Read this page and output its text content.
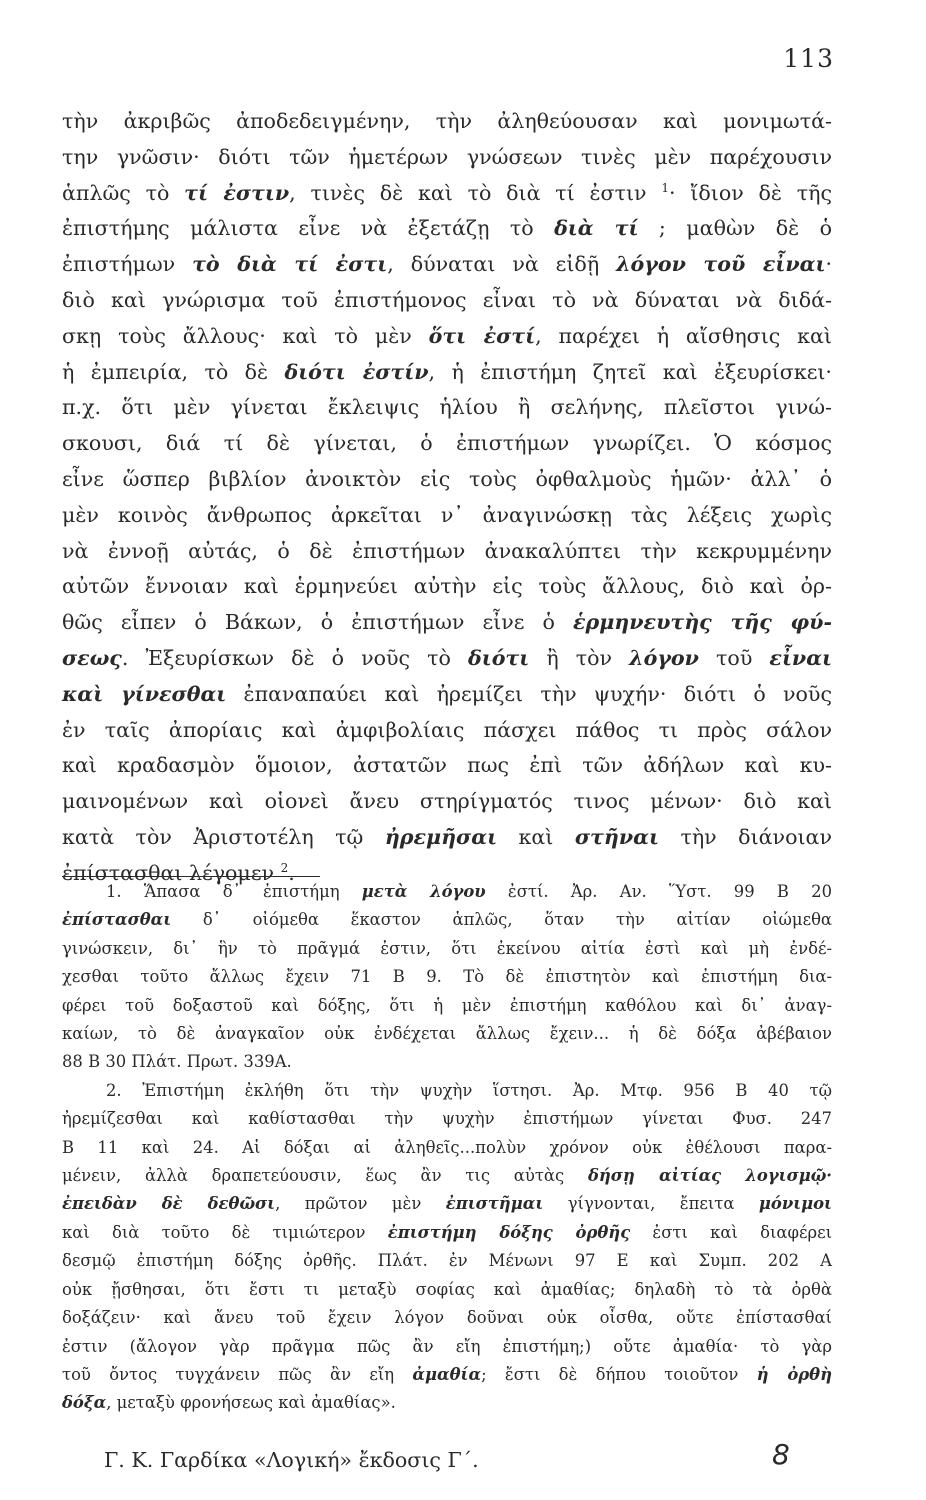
113
τὴν ἀκριβῶς ἀποδεδειγμένην, τὴν ἀληθεύουσαν καὶ μονιμωτά-
την γνῶσιν· διότι τῶν ἡμετέρων γνώσεων τινὲς μὲν παρέχουσιν
ἁπλῶς τὸ τί ἐστιν, τινὲς δὲ καὶ τὸ διὰ τί ἐστιν $^1$· ἴδιον δὲ τῆς
ἐπιστήμης μάλιστα εἶνε νὰ ἐξετάζῃ τὸ διὰ τί ; μαθὼν δὲ ὁ
ἐπιστήμων τὸ διὰ τί ἐστι, δύναται νὰ εἰδῇ λόγον τοῦ εἶναι·
διὸ καὶ γνώρισμα τοῦ ἐπιστήμονος εἶναι τὸ νὰ δύναται νὰ διδά-
σκῃ τοὺς ἄλλους· καὶ τὸ μὲν ὅτι ἐστί, παρέχει ἡ αἴσθησις καὶ
ἡ ἐμπειρία, τὸ δὲ διότι ἐστίν, ἡ ἐπιστήμη ζητεῖ καὶ ἐξευρίσκει·
π.χ. ὅτι μὲν γίνεται ἔκλειψις ἡλίου ἢ σελήνης, πλεῖστοι γινώ-
σκουσι, διά τί δὲ γίνεται, ὁ ἐπιστήμων γνωρίζει. Ὁ κόσμος
εἶνε ὥσπερ βιβλίον ἀνοικτὸν εἰς τοὺς ὀφθαλμοὺς ἡμῶν· ἀλλ᾽ ὁ
μὲν κοινὸς ἄνθρωπος ἀρκεῖται ν᾽ ἀναγινώσκῃ τὰς λέξεις χωρὶς
νὰ ἐννοῇ αὐτάς, ὁ δὲ ἐπιστήμων ἀνακαλύπτει τὴν κεκρυμμένην
αὐτῶν ἔννοιαν καὶ ἑρμηνεύει αὐτὴν εἰς τοὺς ἄλλους, διὸ καὶ ὀρ-
θῶς εἶπεν ὁ Βάκων, ὁ ἐπιστήμων εἶνε ὁ ἑρμηνευτὴς τῆς φύ-
σεως. Ἐξευρίσκων δὲ ὁ νοῦς τὸ διότι ἢ τὸν λόγον τοῦ εἶναι
καὶ γίνεσθαι ἐπαναπαύει καὶ ἠρεμίζει τὴν ψυχήν· διότι ὁ νοῦς
ἐν ταῖς ἀπορίαις καὶ ἀμφιβολίαις πάσχει πάθος τι πρὸς σάλον
καὶ κραδασμὸν ὅμοιον, ἀστατῶν πως ἐπὶ τῶν ἀδήλων καὶ κυ-
μαινομένων καὶ οἱονεὶ ἄνευ στηρίγματός τινος μένων· διὸ καὶ
κατὰ τὸν Ἀριστοτέλη τῷ ἠρεμῆσαι καὶ στῆναι τὴν διάνοιαν
ἐπίστασθαι λέγομεν $^2$.
1. Ἅπασα δ᾽ ἐπιστήμη μετὰ λόγου ἐστί. Ἀρ. Αν. Ὕστ. 99 Β 20
ἐπίστασθαι δ᾽ οἰόμεθα ἕκαστον ἁπλῶς, ὅταν τὴν αἰτίαν οἰώμεθα
γινώσκειν, δι᾽ ἣν τὸ πρᾶγμά ἐστιν, ὅτι ἐκείνου αἰτία ἐστὶ καὶ μὴ ἐνδέ-
χεσθαι τοῦτο ἄλλως ἔχειν 71 Β 9. Τὸ δὲ ἐπιστητὸν καὶ ἐπιστήμη δια-
φέρει τοῦ δοξαστοῦ καὶ δόξης, ὅτι ἡ μὲν ἐπιστήμη καθόλου καὶ δι᾽ ἀναγ-
καίων, τὸ δὲ ἀναγκαῖον οὐκ ἐνδέχεται ἄλλως ἔχειν... ἡ δὲ δόξα ἀβέβαιον
88 Β 30 Πλάτ. Πρωτ. 339Α.
2. Ἐπιστήμη ἐκλήθη ὅτι τὴν ψυχὴν ἵστησι. Ἀρ. Μτφ. 956 Β 40 τῷ
ἠρεμίζεσθαι καὶ καθίστασθαι τὴν ψυχὴν ἐπιστήμων γίνεται Φυσ. 247
Β 11 καὶ 24. Αἱ δόξαι αἱ ἀληθεῖς...πολὺν χρόνον οὐκ ἐθέλουσι παρα-
μένειν, ἀλλὰ δραπετεύουσιν, ἕως ἂν τις αὐτὰς δήσῃ αἰτίας λογισμῷ·
ἐπειδὰν δὲ δεθῶσι, πρῶτον μὲν ἐπιστῆμαι γίγνονται, ἔπειτα μόνιμοι
καὶ διὰ τοῦτο δὲ τιμιώτερον ἐπιστήμη δόξης ὀρθῆς ἐστι καὶ διαφέρει
δεσμῷ ἐπιστήμη δόξης ὀρθῆς. Πλάτ. ἐν Μένωνι 97 Ε καὶ Συμπ. 202 Α
οὐκ ᾔσθησαι, ὅτι ἔστι τι μεταξὺ σοφίας καὶ ἀμαθίας; δηλαδὴ τὸ τὰ ὀρθὰ
δοξάζειν· καὶ ἄνευ τοῦ ἔχειν λόγον δοῦναι οὐκ οἶσθα, οὔτε ἐπίστασθαί
ἐστιν (ἄλογον γὰρ πρᾶγμα πῶς ἂν εἴη ἐπιστήμη;) οὔτε ἀμαθία· τὸ γὰρ
τοῦ ὄντος τυγχάνειν πῶς ἂν εἴη ἀμαθία; ἔστι δὲ δήπου τοιοῦτον ἡ ὀρθὴ
δόξα, μεταξὺ φρονήσεως καὶ ἀμαθίας».
Γ. Κ. Γαρδίκα «Λογική» ἔκδοσις Γ΄.	8
